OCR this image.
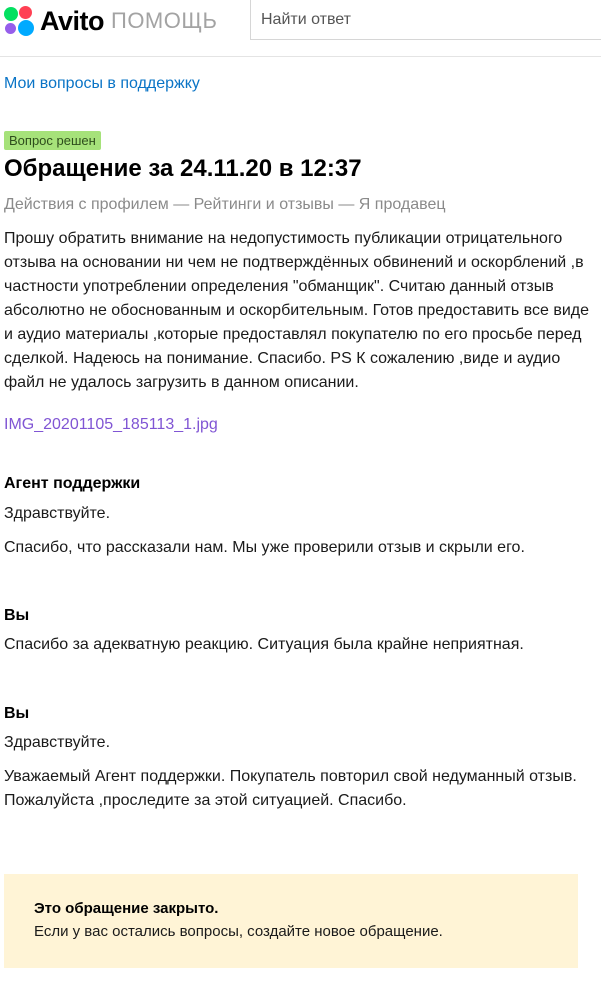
Avito ПОМОЩЬ
Найти ответ
Мои вопросы в поддержку
Вопрос решен
Обращение за 24.11.20 в 12:37
Действия с профилем — Рейтинги и отзывы — Я продавец

Прошу обратить внимание на недопустимость публикации отрицательного отзыва на основании ни чем не подтверждённых обвинений и оскорблений ,в частности употреблении определения "обманщик". Считаю данный отзыв абсолютно не обоснованным и оскорбительным. Готов предоставить все виде и аудио материалы ,которые предоставлял покупателю по его просьбе перед сделкой. Надеюсь на понимание. Спасибо. PS К сожалению ,виде и аудио файл не удалось загрузить в данном описании.

IMG_20201105_185113_1.jpg

Агент поддержки

Здравствуйте.

Спасибо, что рассказали нам. Мы уже проверили отзыв и скрыли его.

Вы

Спасибо за адекватную реакцию. Ситуация была крайне неприятная.

Вы

Здравствуйте.

Уважаемый Агент поддержки. Покупатель повторил свой недуманный отзыв. Пожалуйста ,проследите за этой ситуацией. Спасибо.

Это обращение закрыто.
Если у вас остались вопросы, создайте новое обращение.
